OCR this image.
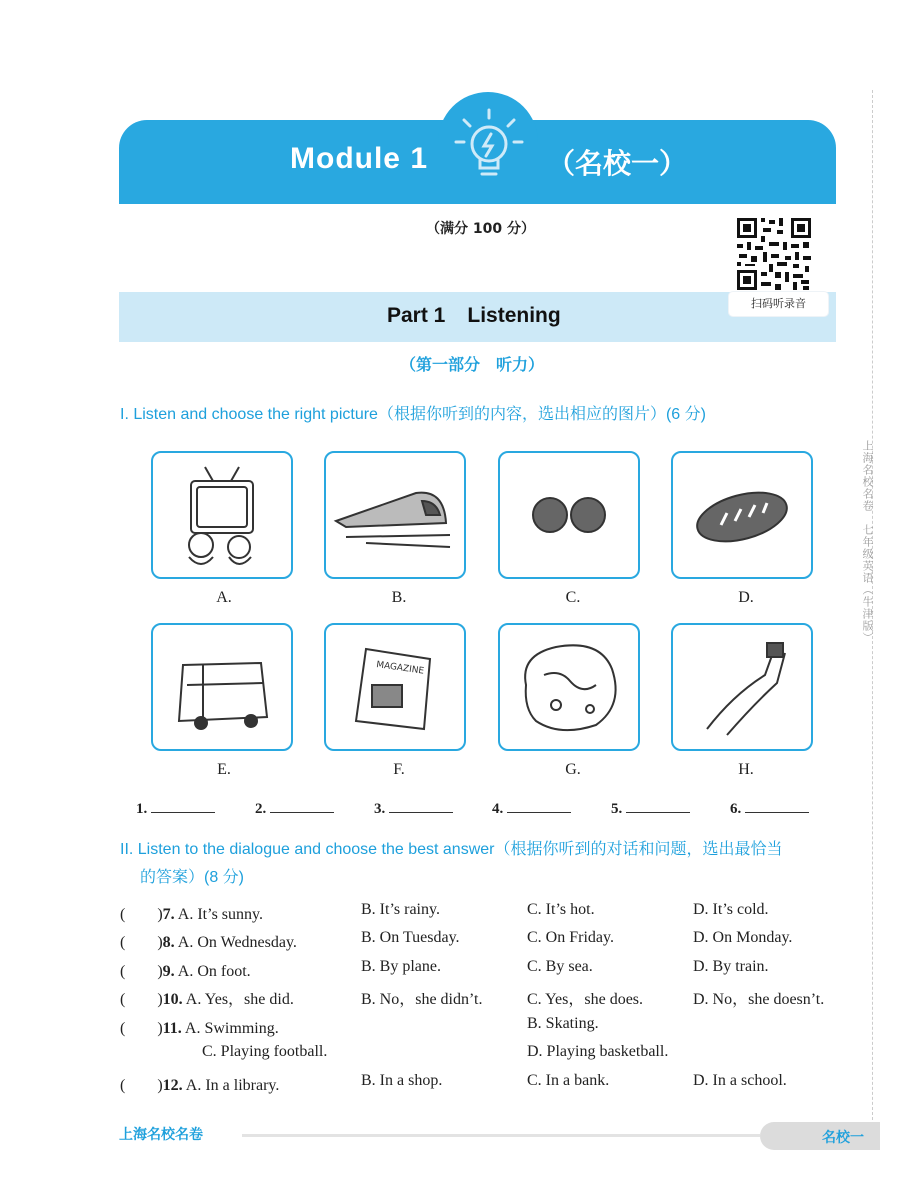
Module 1	（名校一）
（满分 100 分）
扫码听录音
Part 1 Listening
（第一部分　听力）
I. Listen and choose the right picture（根据你听到的内容，选出相应的图片）(6 分)
A.	B.	C.	D.
MAGAZINE
E.	F.	G.	H.
1.	2.	3.	4.	5.	6.
II. Listen to the dialogue and choose the best answer（根据你听到的对话和问题，选出最恰当
的答案）(8 分)
(　　)7. A. It’s sunny.	B. It’s rainy.	C. It’s hot.	D. It’s cold.
(　　)8. A. On Wednesday.	B. On Tuesday.	C. On Friday.	D. On Monday.
(　　)9. A. On foot.	B. By plane.	C. By sea.	D. By train.
(　　)10. A. Yes，she did.	B. No，she didn’t.	C. Yes，she does.	D. No，she doesn’t.
(　　)11. A. Swimming.	B. Skating.
C. Playing football.	D. Playing basketball.
(　　)12. A. In a library.	B. In a shop.	C. In a bank.	D. In a school.
上海名校名卷　七年级英语（牛津版）
上海名校名卷	名校一
